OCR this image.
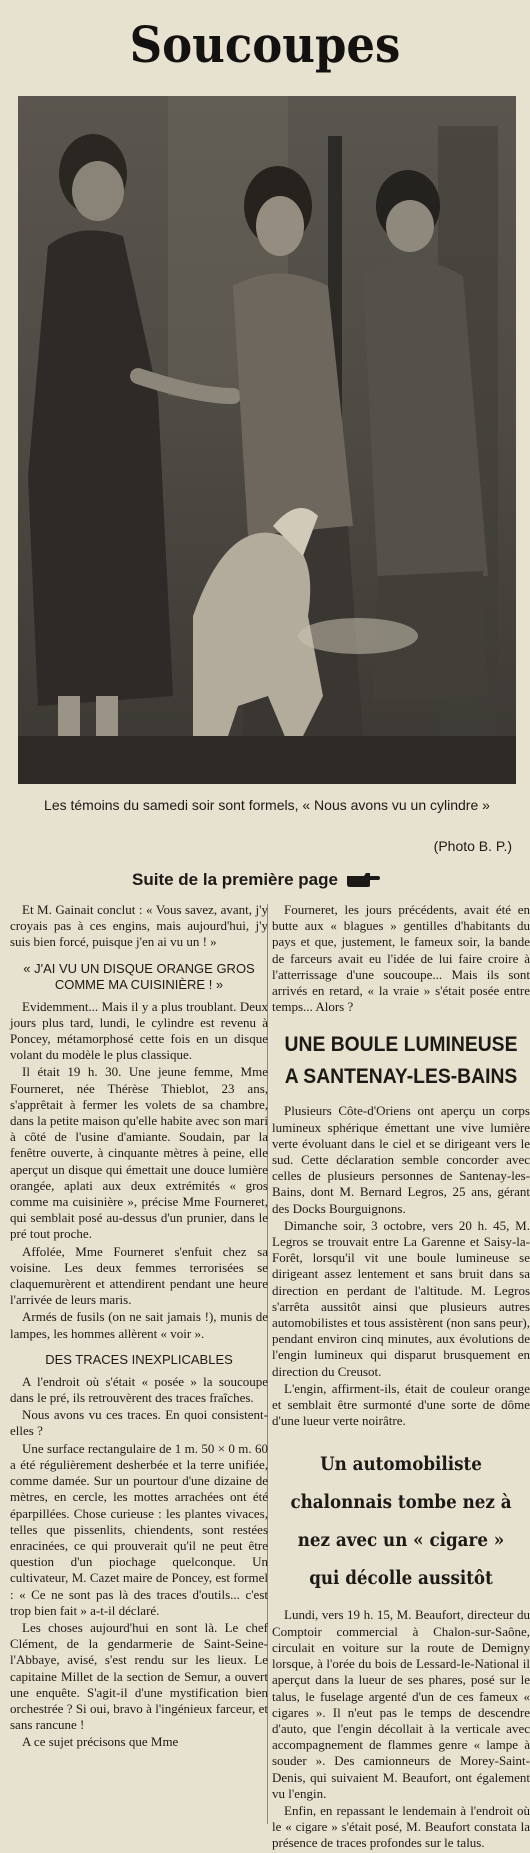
Soucoupes

Les témoins du samedi soir sont formels, « Nous avons vu un cylindre »

(Photo B. P.)

Suite de la première page

Et M. Gainait conclut : « Vous savez, avant, j'y croyais pas à ces engins, mais aujourd'hui, j'y suis bien forcé, puisque j'en ai vu un ! »

« J'AI VU UN DISQUE ORANGE GROS COMME MA CUISINIÈRE ! »

Evidemment... Mais il y a plus troublant. Deux jours plus tard, lundi, le cylindre est revenu à Poncey, métamorphosé cette fois en un disque volant du modèle le plus classique.

Il était 19 h. 30. Une jeune femme, Mme Fourneret, née Thérèse Thieblot, 23 ans, s'apprêtait à fermer les volets de sa chambre, dans la petite maison qu'elle habite avec son mari à côté de l'usine d'amiante. Soudain, par la fenêtre ouverte, à cinquante mètres à peine, elle aperçut un disque qui émettait une douce lumière orangée, aplati aux deux extrémités « gros comme ma cuisinière », précise Mme Fourneret, qui semblait posé au-dessus d'un prunier, dans le pré tout proche.

Affolée, Mme Fourneret s'enfuit chez sa voisine. Les deux femmes terrorisées se claquemurèrent et attendirent pendant une heure l'arrivée de leurs maris.

Armés de fusils (on ne sait jamais !), munis de lampes, les hommes allèrent « voir ».

DES TRACES INEXPLICABLES

A l'endroit où s'était « posée » la soucoupe dans le pré, ils retrouvèrent des traces fraîches.

Nous avons vu ces traces. En quoi consistent-elles ?

Une surface rectangulaire de 1 m. 50 × 0 m. 60 a été régulièrement desherbée et la terre unifiée, comme damée. Sur un pourtour d'une dizaine de mètres, en cercle, les mottes arrachées ont été éparpillées. Chose curieuse : les plantes vivaces, telles que pissenlits, chiendents, sont restées enracinées, ce qui prouverait qu'il ne peut être question d'un piochage quelconque. Un cultivateur, M. Cazet maire de Poncey, est formel : « Ce ne sont pas là des traces d'outils... c'est trop bien fait » a-t-il déclaré.

Les choses aujourd'hui en sont là. Le chef Clément, de la gendarmerie de Saint-Seine-l'Abbaye, avisé, s'est rendu sur les lieux. Le capitaine Millet de la section de Semur, a ouvert une enquête. S'agit-il d'une mystification bien orchestrée ? Si oui, bravo à l'ingénieux farceur, et sans rancune !

A ce sujet précisons que Mme

Fourneret, les jours précédents, avait été en butte aux « blagues » gentilles d'habitants du pays et que, justement, le fameux soir, la bande de farceurs avait eu l'idée de lui faire croire à l'atterrissage d'une soucoupe... Mais ils sont arrivés en retard, « la vraie » s'était posée entre temps... Alors ?

UNE BOULE LUMINEUSE A SANTENAY-LES-BAINS

Plusieurs Côte-d'Oriens ont aperçu un corps lumineux sphérique émettant une vive lumière verte évoluant dans le ciel et se dirigeant vers le sud. Cette déclaration semble concorder avec celles de plusieurs personnes de Santenay-les-Bains, dont M. Bernard Legros, 25 ans, gérant des Docks Bourguignons.

Dimanche soir, 3 octobre, vers 20 h. 45, M. Legros se trouvait entre La Garenne et Saisy-la-Forêt, lorsqu'il vit une boule lumineuse se dirigeant assez lentement et sans bruit dans sa direction en perdant de l'altitude. M. Legros s'arrêta aussitôt ainsi que plusieurs autres automobilistes et tous assistèrent (non sans peur), pendant environ cinq minutes, aux évolutions de l'engin lumineux qui disparut brusquement en direction du Creusot.

L'engin, affirment-ils, était de couleur orange et semblait être surmonté d'une sorte de dôme d'une lueur verte noirâtre.

Un automobiliste chalonnais tombe nez à nez avec un « cigare » qui décolle aussitôt

Lundi, vers 19 h. 15, M. Beaufort, directeur du Comptoir commercial à Chalon-sur-Saône, circulait en voiture sur la route de Demigny lorsque, à l'orée du bois de Lessard-le-National il aperçut dans la lueur de ses phares, posé sur le talus, le fuselage argenté d'un de ces fameux « cigares ». Il n'eut pas le temps de descendre d'auto, que l'engin décollait à la verticale avec accompagnement de flammes genre « lampe à souder ». Des camionneurs de Morey-Saint-Denis, qui suivaient M. Beaufort, ont également vu l'engin.

Enfin, en repassant le lendemain à l'endroit où le « cigare » s'était posé, M. Beaufort constata la présence de traces profondes sur le talus.
